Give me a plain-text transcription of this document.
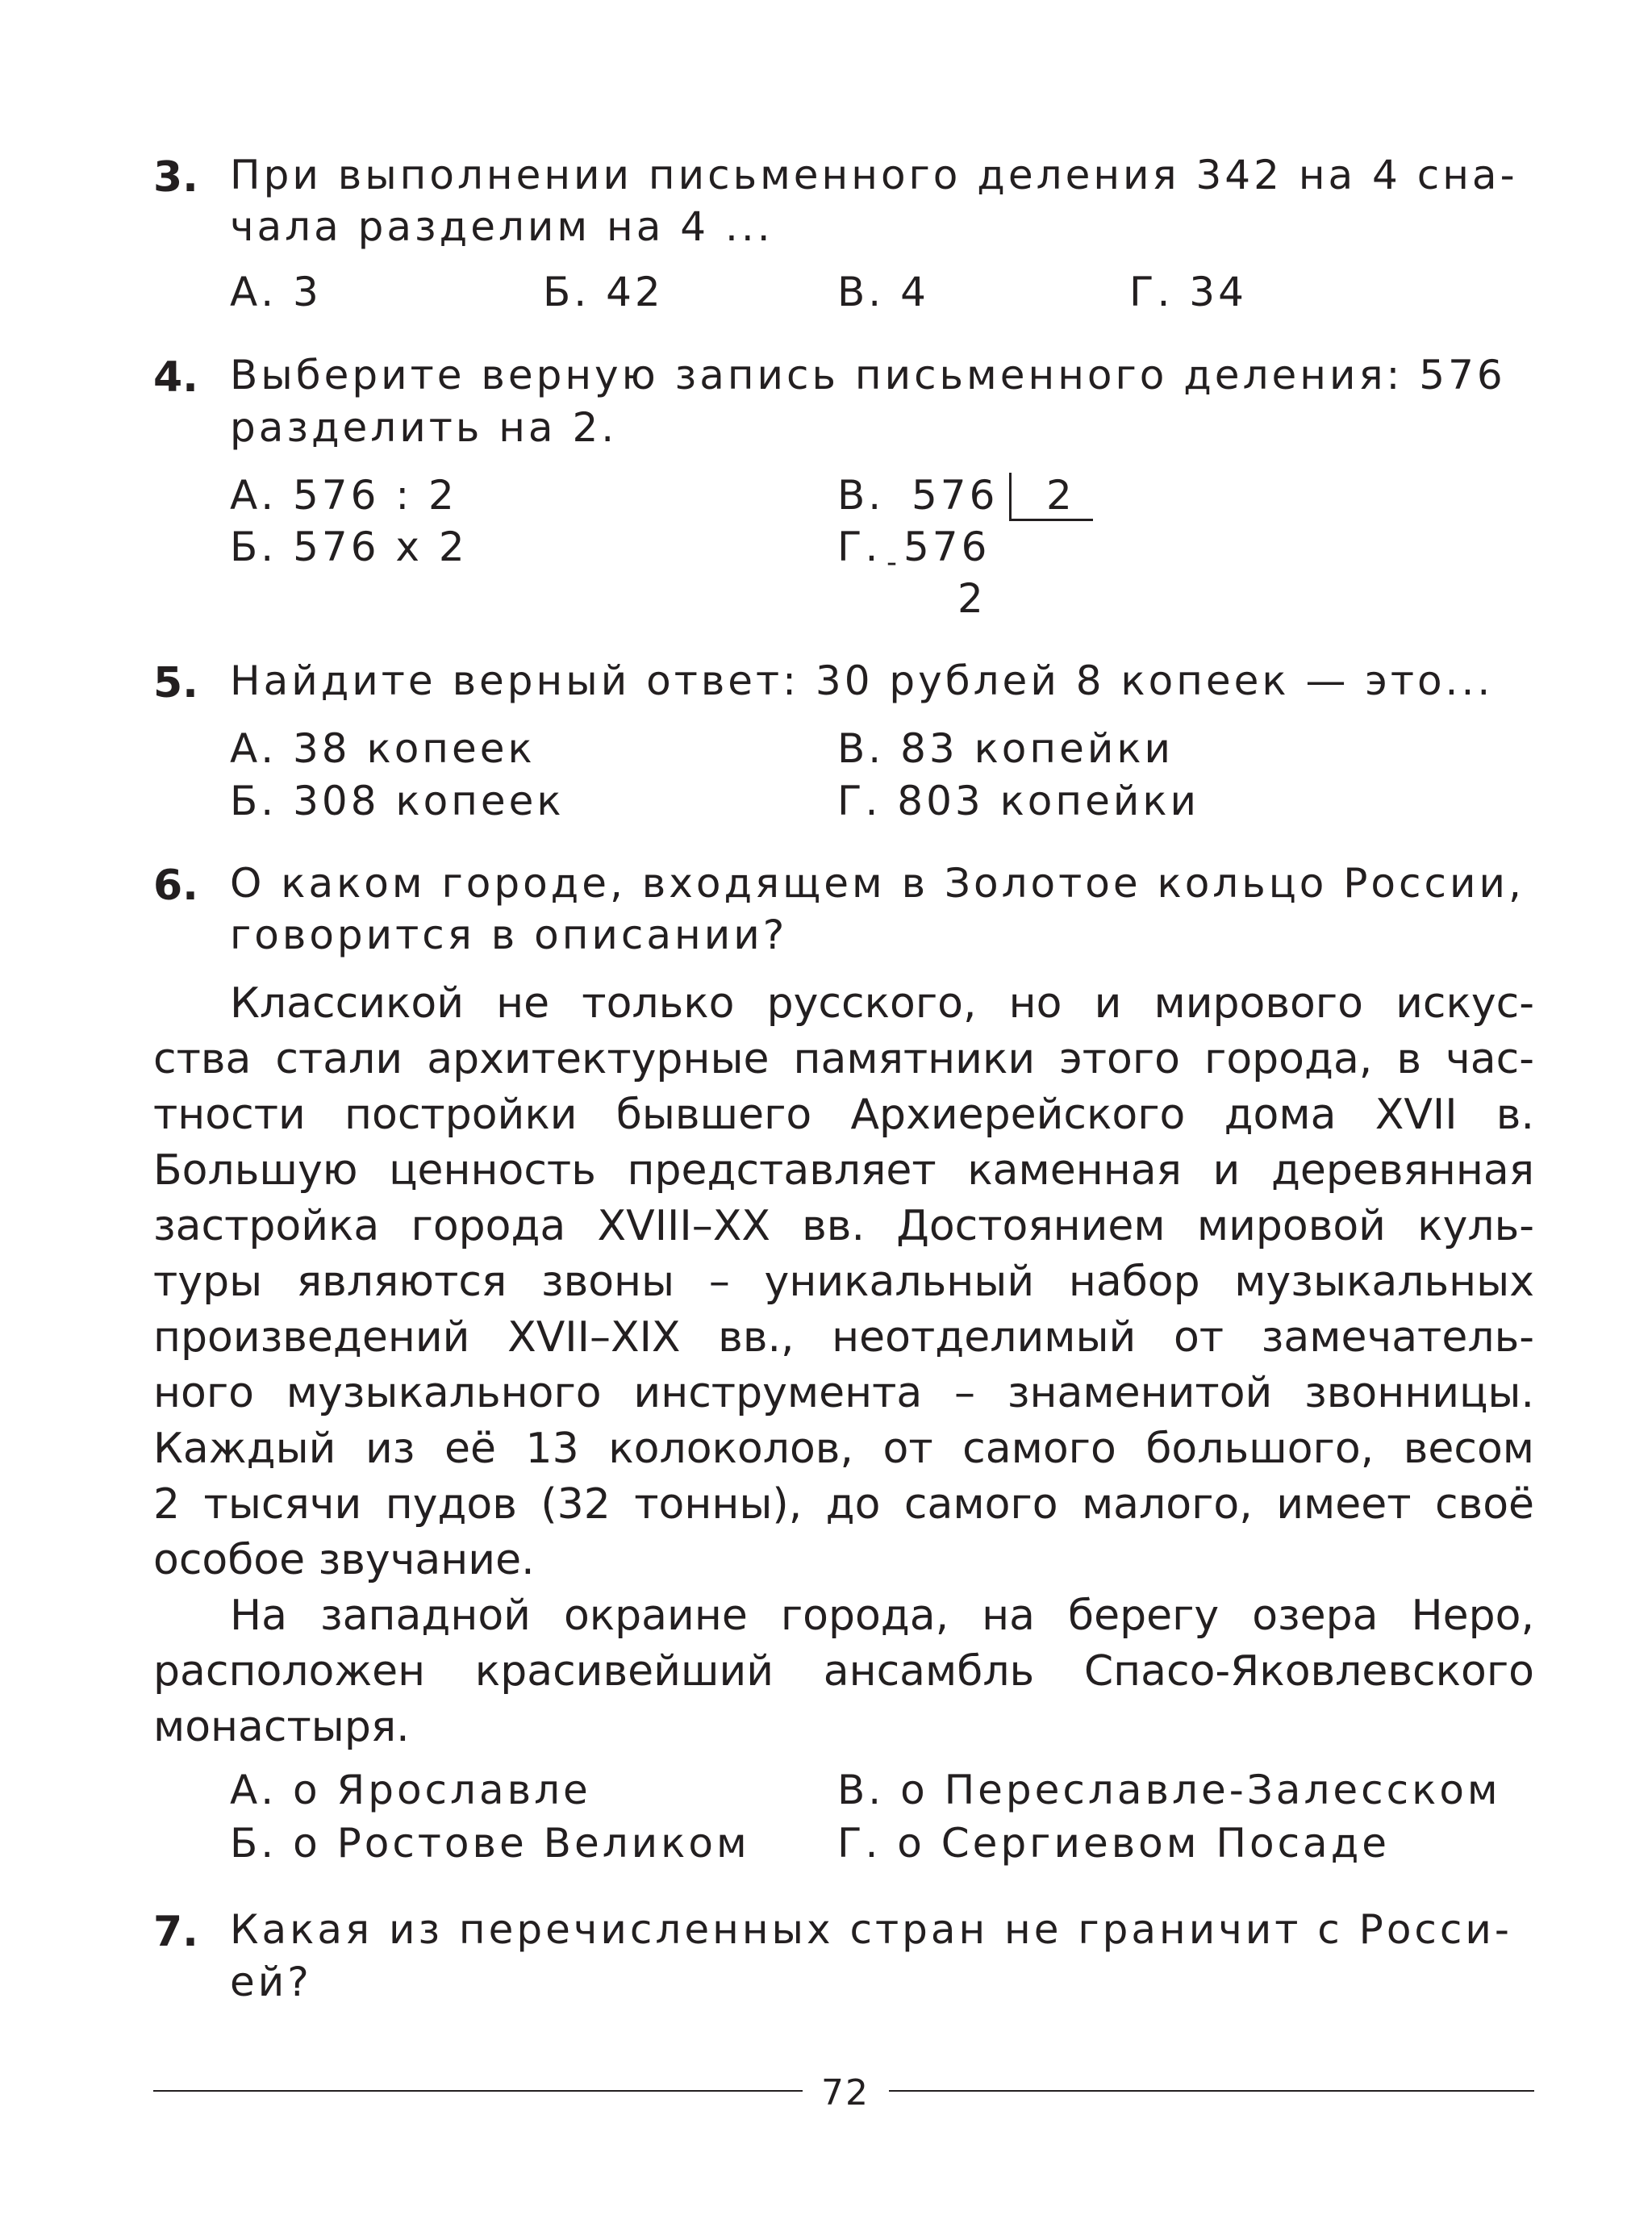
3. При выполнении письменного деления 342 на 4 сна-
чала разделим на 4 ...
А. 3	Б. 42	В. 4	Г. 34
4. Выберите верную запись письменного деления: 576
разделить на 2.
А. 576 : 2
Б. 576 х 2
В. 576 2
Г. 576
-
2
5. Найдите верный ответ: 30 рублей 8 копеек — это...
А. 38 копеек
Б. 308 копеек
В. 83 копейки
Г. 803 копейки
6. О каком городе, входящем в Золотое кольцо России,
говорится в описании?
Классикой не только русского, но и мирового искус-
ства стали архитектурные памятники этого города, в час-
тности постройки бывшего Архиерейского дома XVII в.
Большую ценность представляет каменная и деревянная
застройка города XVIII–XX вв. Достоянием мировой куль-
туры являются звоны – уникальный набор музыкальных
произведений XVII–XIX вв., неотделимый от замечатель-
ного музыкального инструмента – знаменитой звонницы.
Каждый из её 13 колоколов, от самого большого, весом
2 тысячи пудов (32 тонны), до самого малого, имеет своё
особое звучание.
На западной окраине города, на берегу озера Неро,
расположен красивейший ансамбль Спасо-Яковлевского
монастыря.
А. о Ярославле
Б. о Ростове Великом
В. о Переславле-Залесском
Г. о Сергиевом Посаде
7. Какая из перечисленных стран не граничит с Росси-
ей?
72
